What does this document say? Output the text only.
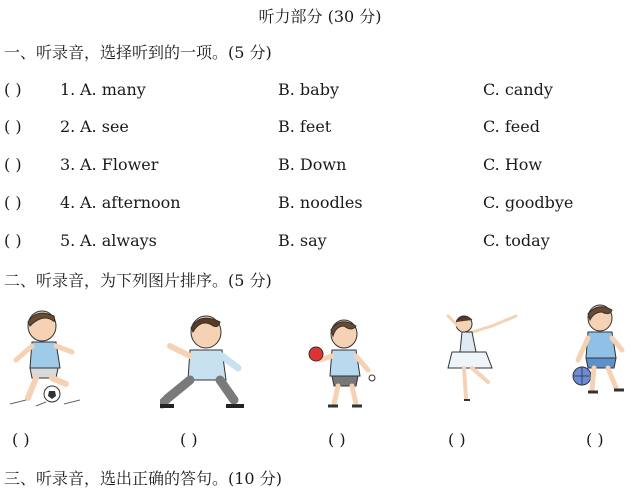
听力部分 (30 分)
一、听录音，选择听到的一项。(5 分)
( ) 1. A. many	B. baby	C. candy
( ) 2. A. see	B. feet	C. feed
( ) 3. A. Flower	B. Down	C. How
( ) 4. A. afternoon	B. noodles	C. goodbye
( ) 5. A. always	B. say	C. today
二、听录音，为下列图片排序。(5 分)
( )	( )	( )	( )	( )
三、听录音，选出正确的答句。(10 分)
